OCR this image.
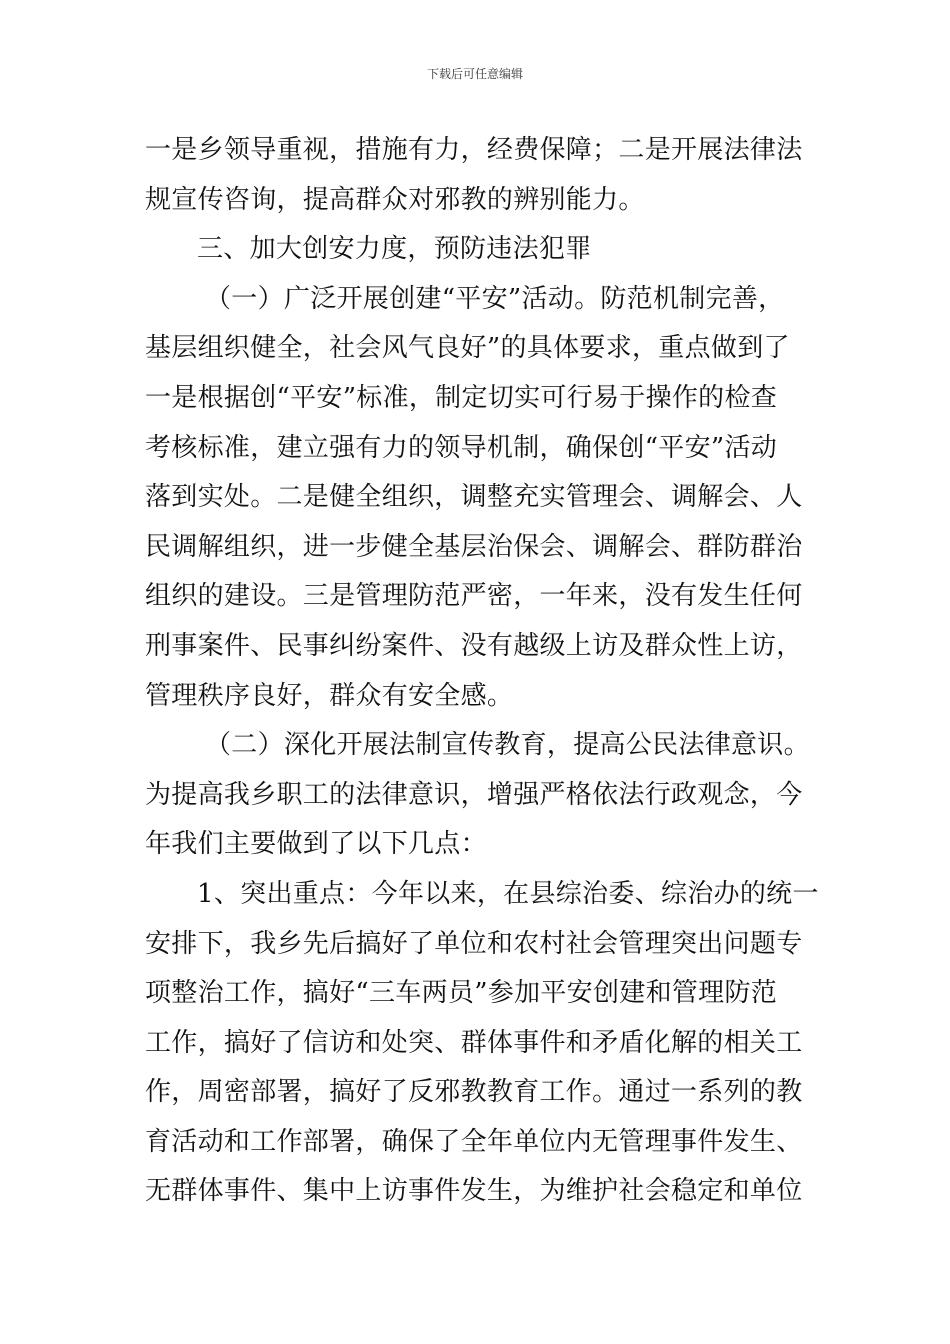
下载后可任意编辑
一是乡领导重视，措施有力，经费保障；二是开展法律法
规宣传咨询，提高群众对邪教的辨别能力。
三、加大创安力度，预防违法犯罪
（一）广泛开展创建“平安”活动。防范机制完善，
基层组织健全，社会风气良好”的具体要求，重点做到了
一是根据创“平安”标准，制定切实可行易于操作的检查
考核标准，建立强有力的领导机制，确保创“平安”活动
落到实处。二是健全组织，调整充实管理会、调解会、人
民调解组织，进一步健全基层治保会、调解会、群防群治
组织的建设。三是管理防范严密，一年来，没有发生任何
刑事案件、民事纠纷案件、没有越级上访及群众性上访，
管理秩序良好，群众有安全感。
（二）深化开展法制宣传教育，提高公民法律意识。
为提高我乡职工的法律意识，增强严格依法行政观念，今
年我们主要做到了以下几点：
1、突出重点：今年以来，在县综治委、综治办的统一
安排下，我乡先后搞好了单位和农村社会管理突出问题专
项整治工作，搞好“三车两员”参加平安创建和管理防范
工作，搞好了信访和处突、群体事件和矛盾化解的相关工
作，周密部署，搞好了反邪教教育工作。通过一系列的教
育活动和工作部署，确保了全年单位内无管理事件发生、
无群体事件、集中上访事件发生，为维护社会稳定和单位
